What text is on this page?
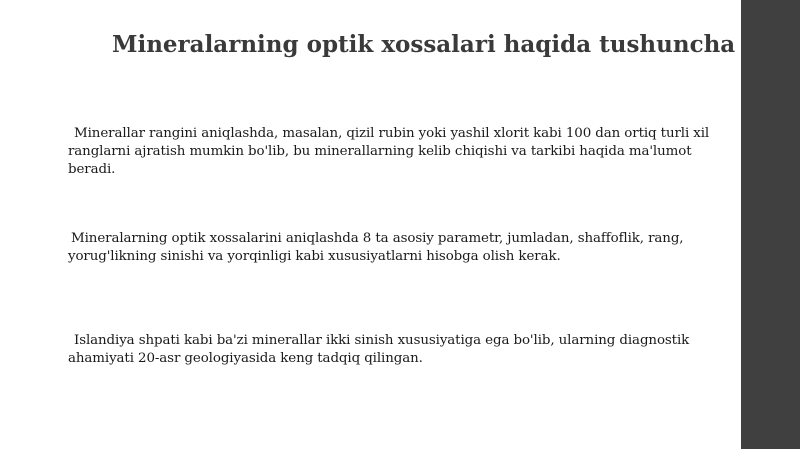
Mineralarning optik xossalari haqida tushuncha

Minerallar rangini aniqlashda, masalan, qizil rubin yoki yashil xlorit kabi 100 dan ortiq turli xil ranglarni ajratish mumkin bo'lib, bu minerallarning kelib chiqishi va tarkibi haqida ma'lumot beradi.

Mineralarning optik xossalarini aniqlashda 8 ta asosiy parametr, jumladan, shaffoflik, rang, yorug'likning sinishi va yorqinligi kabi xususiyatlarni hisobga olish kerak.

Islandiya shpati kabi ba'zi minerallar ikki sinish xususiyatiga ega bo'lib, ularning diagnostik ahamiyati 20-asr geologiyasida keng tadqiq qilingan.
